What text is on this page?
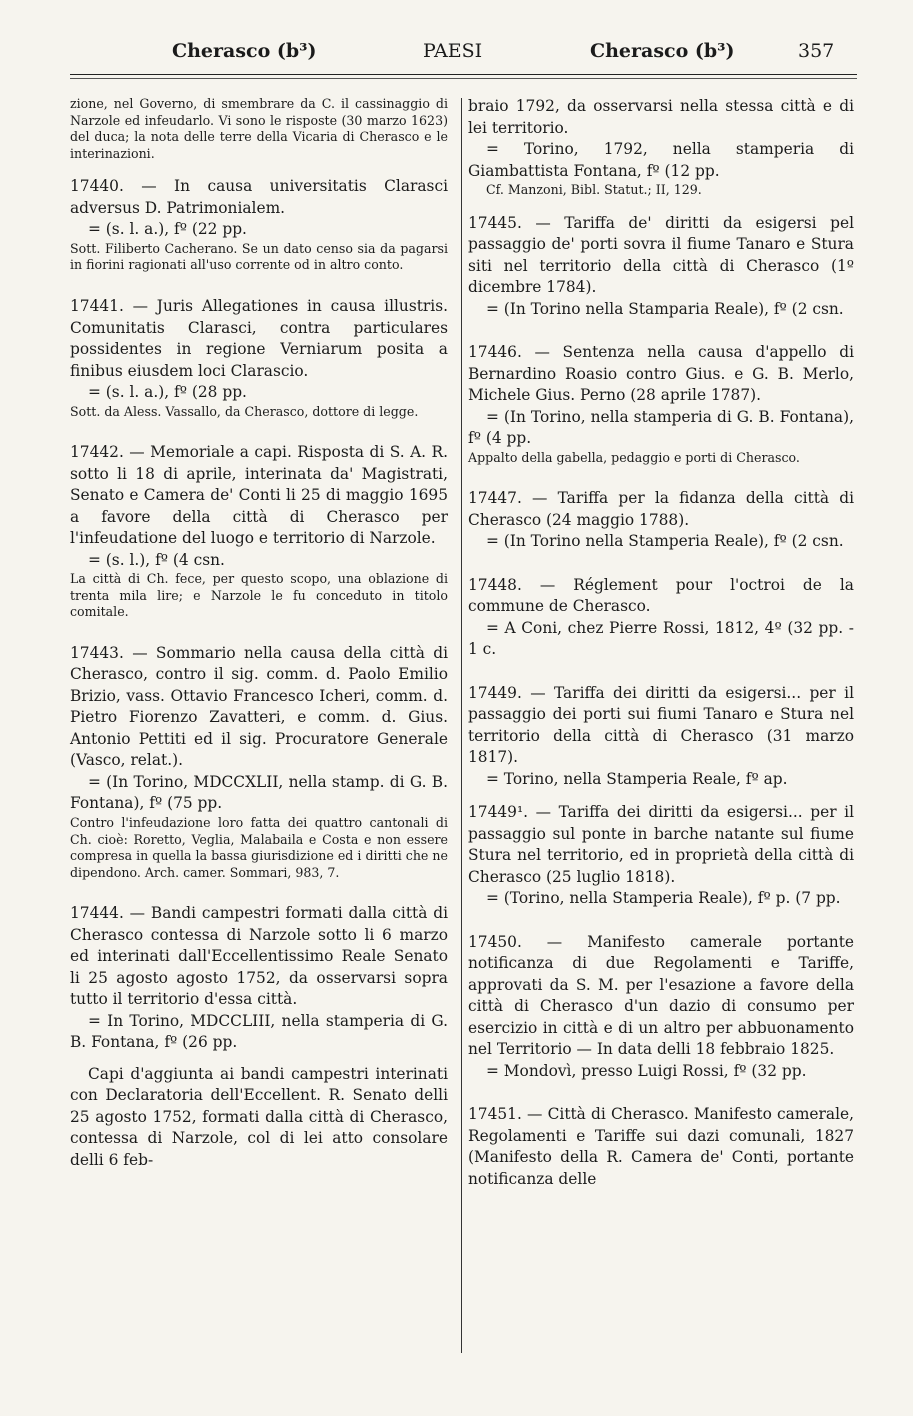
Cherasco (b³)	PAESI	Cherasco (b³)	357

zione, nel Governo, di smembrare da C. il cassinaggio di Narzole ed infeudarlo. Vi sono le risposte (30 marzo 1623) del duca; la nota delle terre della Vicaria di Cherasco e le interinazioni.

17440. — In causa universitatis Clarasci adversus D. Patrimonialem.

= (s. l. a.), fº (22 pp.

Sott. Filiberto Cacherano. Se un dato censo sia da pagarsi in fiorini ragionati all'uso corrente od in altro conto.

17441. — Juris Allegationes in causa illustris. Comunitatis Clarasci, contra particulares possidentes in regione Verniarum posita a finibus eiusdem loci Clarascio.

= (s. l. a.), fº (28 pp.

Sott. da Aless. Vassallo, da Cherasco, dottore di legge.

17442. — Memoriale a capi. Risposta di S. A. R. sotto li 18 di aprile, interinata da' Magistrati, Senato e Camera de' Conti li 25 di maggio 1695 a favore della città di Cherasco per l'infeudatione del luogo e territorio di Narzole.

= (s. l.), fº (4 csn.

La città di Ch. fece, per questo scopo, una oblazione di trenta mila lire; e Narzole le fu conceduto in titolo comitale.

17443. — Sommario nella causa della città di Cherasco, contro il sig. comm. d. Paolo Emilio Brizio, vass. Ottavio Francesco Icheri, comm. d. Pietro Fiorenzo Zavatteri, e comm. d. Gius. Antonio Pettiti ed il sig. Procuratore Generale (Vasco, relat.).

= (In Torino, MDCCXLII, nella stamp. di G. B. Fontana), fº (75 pp.

Contro l'infeudazione loro fatta dei quattro cantonali di Ch. cioè: Roretto, Veglia, Malabaila e Costa e non essere compresa in quella la bassa giurisdizione ed i diritti che ne dipendono. Arch. camer. Sommari, 983, 7.

17444. — Bandi campestri formati dalla città di Cherasco contessa di Narzole sotto li 6 marzo ed interinati dall'Eccellentissimo Reale Senato li 25 agosto agosto 1752, da osservarsi sopra tutto il territorio d'essa città.

= In Torino, MDCCLIII, nella stamperia di G. B. Fontana, fº (26 pp.

Capi d'aggiunta ai bandi campestri interinati con Declaratoria dell'Eccellent. R. Senato delli 25 agosto 1752, formati dalla città di Cherasco, contessa di Narzole, col di lei atto consolare delli 6 feb-

braio 1792, da osservarsi nella stessa città e di lei territorio.

= Torino, 1792, nella stamperia di Giambattista Fontana, fº (12 pp.

Cf. Manzoni, Bibl. Statut.; II, 129.

17445. — Tariffa de' diritti da esigersi pel passaggio de' porti sovra il fiume Tanaro e Stura siti nel territorio della città di Cherasco (1º dicembre 1784).

= (In Torino nella Stamparia Reale), fº (2 csn.

17446. — Sentenza nella causa d'appello di Bernardino Roasio contro Gius. e G. B. Merlo, Michele Gius. Perno (28 aprile 1787).

= (In Torino, nella stamperia di G. B. Fontana), fº (4 pp.

Appalto della gabella, pedaggio e porti di Cherasco.

17447. — Tariffa per la fidanza della città di Cherasco (24 maggio 1788).

= (In Torino nella Stamperia Reale), fº (2 csn.

17448. — Réglement pour l'octroi de la commune de Cherasco.

= A Coni, chez Pierre Rossi, 1812, 4º (32 pp. - 1 c.

17449. — Tariffa dei diritti da esigersi... per il passaggio dei porti sui fiumi Tanaro e Stura nel territorio della città di Cherasco (31 marzo 1817).

= Torino, nella Stamperia Reale, fº ap.

17449¹. — Tariffa dei diritti da esigersi... per il passaggio sul ponte in barche natante sul fiume Stura nel territorio, ed in proprietà della città di Cherasco (25 luglio 1818).

= (Torino, nella Stamperia Reale), fº p. (7 pp.

17450. — Manifesto camerale portante notificanza di due Regolamenti e Tariffe, approvati da S. M. per l'esazione a favore della città di Cherasco d'un dazio di consumo per esercizio in città e di un altro per abbuonamento nel Territorio — In data delli 18 febbraio 1825.

= Mondovì, presso Luigi Rossi, fº (32 pp.

17451. — Città di Cherasco. Manifesto camerale, Regolamenti e Tariffe sui dazi comunali, 1827 (Manifesto della R. Camera de' Conti, portante notificanza delle
